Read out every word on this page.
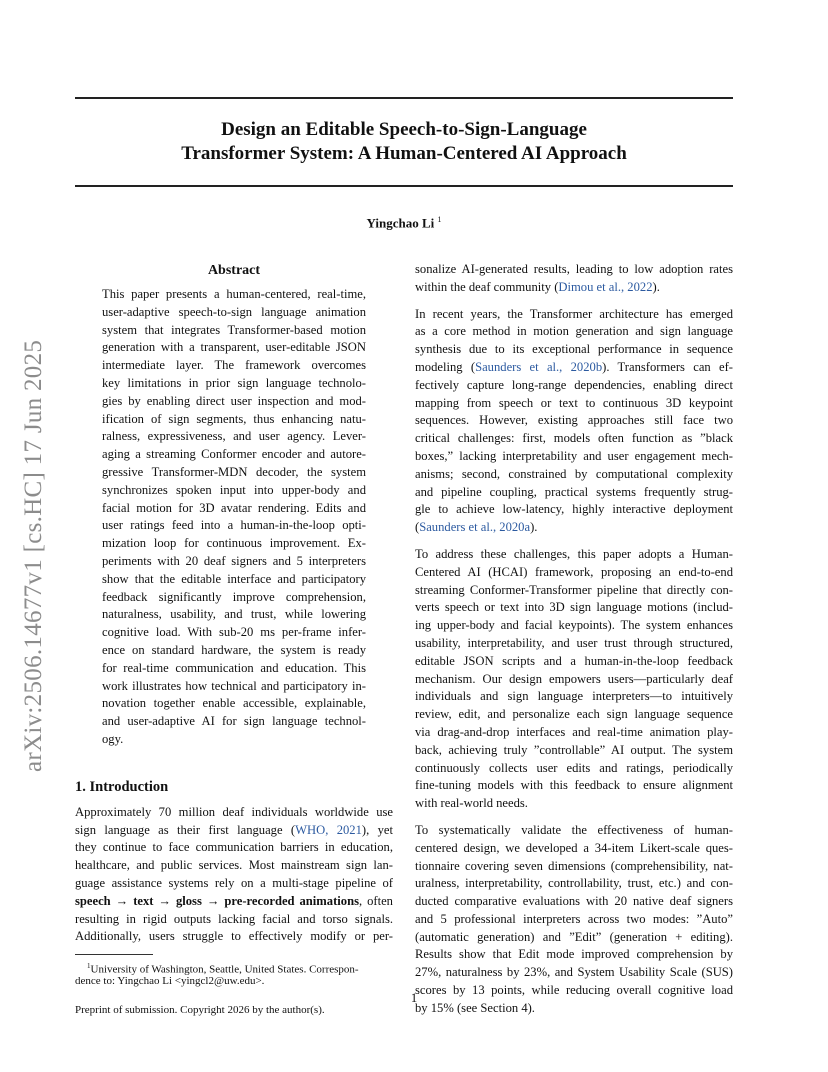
Design an Editable Speech-to-Sign-Language
Transformer System: A Human-Centered AI Approach
Yingchao Li $^1$
arXiv:2506.14677v1 [cs.HC] 17 Jun 2025
Abstract
This paper presents a human-centered, real-time,
user-adaptive speech-to-sign language animation
system that integrates Transformer-based motion
generation with a transparent, user-editable JSON
intermediate layer. The framework overcomes
key limitations in prior sign language technolo-
gies by enabling direct user inspection and mod-
ification of sign segments, thus enhancing natu-
ralness, expressiveness, and user agency. Lever-
aging a streaming Conformer encoder and autore-
gressive Transformer-MDN decoder, the system
synchronizes spoken input into upper-body and
facial motion for 3D avatar rendering. Edits and
user ratings feed into a human-in-the-loop opti-
mization loop for continuous improvement. Ex-
periments with 20 deaf signers and 5 interpreters
show that the editable interface and participatory
feedback significantly improve comprehension,
naturalness, usability, and trust, while lowering
cognitive load. With sub-20 ms per-frame infer-
ence on standard hardware, the system is ready
for real-time communication and education. This
work illustrates how technical and participatory in-
novation together enable accessible, explainable,
and user-adaptive AI for sign language technol-
ogy.
1. Introduction
Approximately 70 million deaf individuals worldwide use
sign language as their first language (WHO, 2021), yet
they continue to face communication barriers in education,
healthcare, and public services. Most mainstream sign lan-
guage assistance systems rely on a multi-stage pipeline of
speech → text → gloss → pre-recorded animations, often
resulting in rigid outputs lacking facial and torso signals.
Additionally, users struggle to effectively modify or per-
$^1$University of Washington, Seattle, United States. Correspon-
dence to: Yingchao Li <yingcl2@uw.edu>.
Preprint of submission. Copyright 2026 by the author(s).
sonalize AI-generated results, leading to low adoption rates
within the deaf community (Dimou et al., 2022).
In recent years, the Transformer architecture has emerged
as a core method in motion generation and sign language
synthesis due to its exceptional performance in sequence
modeling (Saunders et al., 2020b). Transformers can ef-
fectively capture long-range dependencies, enabling direct
mapping from speech or text to continuous 3D keypoint
sequences. However, existing approaches still face two
critical challenges: first, models often function as ”black
boxes,” lacking interpretability and user engagement mech-
anisms; second, constrained by computational complexity
and pipeline coupling, practical systems frequently strug-
gle to achieve low-latency, highly interactive deployment
(Saunders et al., 2020a).
To address these challenges, this paper adopts a Human-
Centered AI (HCAI) framework, proposing an end-to-end
streaming Conformer-Transformer pipeline that directly con-
verts speech or text into 3D sign language motions (includ-
ing upper-body and facial keypoints). The system enhances
usability, interpretability, and user trust through structured,
editable JSON scripts and a human-in-the-loop feedback
mechanism. Our design empowers users—particularly deaf
individuals and sign language interpreters—to intuitively
review, edit, and personalize each sign language sequence
via drag-and-drop interfaces and real-time animation play-
back, achieving truly ”controllable” AI output. The system
continuously collects user edits and ratings, periodically
fine-tuning models with this feedback to ensure alignment
with real-world needs.
To systematically validate the effectiveness of human-
centered design, we developed a 34-item Likert-scale ques-
tionnaire covering seven dimensions (comprehensibility, nat-
uralness, interpretability, controllability, trust, etc.) and con-
ducted comparative evaluations with 20 native deaf signers
and 5 professional interpreters across two modes: ”Auto”
(automatic generation) and ”Edit” (generation + editing).
Results show that Edit mode improved comprehension by
27%, naturalness by 23%, and System Usability Scale (SUS)
scores by 13 points, while reducing overall cognitive load
by 15% (see Section 4).
1
